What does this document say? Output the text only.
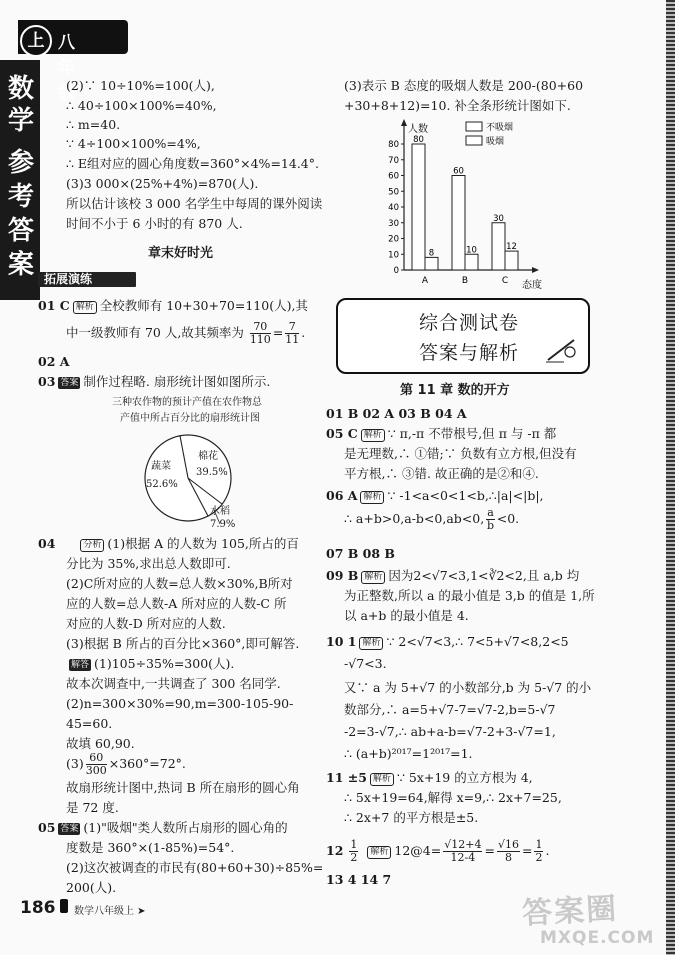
上 八年级
数
学
参
考
答
案
(2)∵ 10÷10%=100(人),
∴ 40÷100×100%=40%,
∴ m=40.
∵ 4÷100×100%=4%,
∴ E组对应的圆心角度数=360°×4%=14.4°.
(3)3 000×(25%+4%)=870(人).
所以估计该校 3 000 名学生中每周的课外阅读
时间不小于 6 小时的有 870 人.
章末好时光
拓展演练
01 C 解析 全校教师有 10+30+70=110(人),其
中一级教师有 70 人,故其频率为 $\frac{70}{110} = \frac{7}{11}$ .
02 A
03 答案 制作过程略. 扇形统计图如图所示.
三种农作物的预计产值在农作物总
产值中所占百分比的扇形统计图
蔬菜
52.6%
棉花
39.5%
水稻
7.9%
04	分析 (1)根据 A 的人数为 105,所占的百
分比为 35%,求出总人数即可.
(2)C所对应的人数=总人数×30%,B所对
应的人数=总人数-A 所对应的人数-C 所
对应的人数-D 所对应的人数.
(3)根据 B 所占的百分比×360°,即可解答.
解答 (1)105÷35%=300(人).
故本次调查中,一共调查了 300 名同学.
(2)n=300×30%=90,m=300-105-90-
45=60.
故填 60,90.
$(3) \frac{60}{300} \times 360^\circ=72^\circ$.
故扇形统计图中,热词 B 所在扇形的圆心角
是 72 度.
05 答案 (1)"吸烟"类人数所占扇形的圆心角的
度数是 360°×(1-85%)=54°.
(2)这次被调查的市民有(80+60+30)÷85%=
200(人).
(3)表示 B 态度的吸烟人数是 200-(80+60
+30+8+12)=10. 补全条形统计图如下.
0
10
20
30
40
50
60
70
80 80
8
60
10
30
12
A	B	C
人数
态度
不吸烟
吸烟
综合测试卷
答案与解析
第 11 章 数的开方
01 B 02 A 03 B 04 A
05 C 解析 ∵ π,-π 不带根号,但 π 与 -π 都
是无理数,∴ ①错;∵ 负数有立方根,但没有
平方根,∴ ③错. 故正确的是②和④.
06 A 解析 ∵ -1<a<0<1<b,∴|a|<|b|,
∴ a+b>0,a-b<0,ab<0, $\frac{a}{b} <0$.
07 B 08 B
09 B 解析 因为2<√7<3,1<∛2<2,且 a,b 均
为正整数,所以 a 的最小值是 3,b 的值是 1,所
以 a+b 的最小值是 4.
10 1 解析 ∵ 2<√7<3,∴ 7<5+√7<8,2<5
-√7<3.
又∵ a 为 5+√7 的小数部分,b 为 5-√7 的小
数部分,∴ a=5+√7-7=√7-2,b=5-√7
-2=3-√7,∴ ab+a-b=√7-2+3-√7=1,
∴ (a+b)²⁰¹⁷=1²⁰¹⁷=1.
11 ±5 解析 ∵ 5x+19 的立方根为 4,
∴ 5x+19=64,解得 x=9,∴ 2x+7=25,
∴ 2x+7 的平方根是±5.
$12 \frac{1}{2}$ 解析 12@4= $\frac{√12+4}{12-4} = \frac{√16}{8} = \frac{1}{2}$ .
13 4 14 7
186 数学八年级上 ➤	答案圈
MXQE.COM
